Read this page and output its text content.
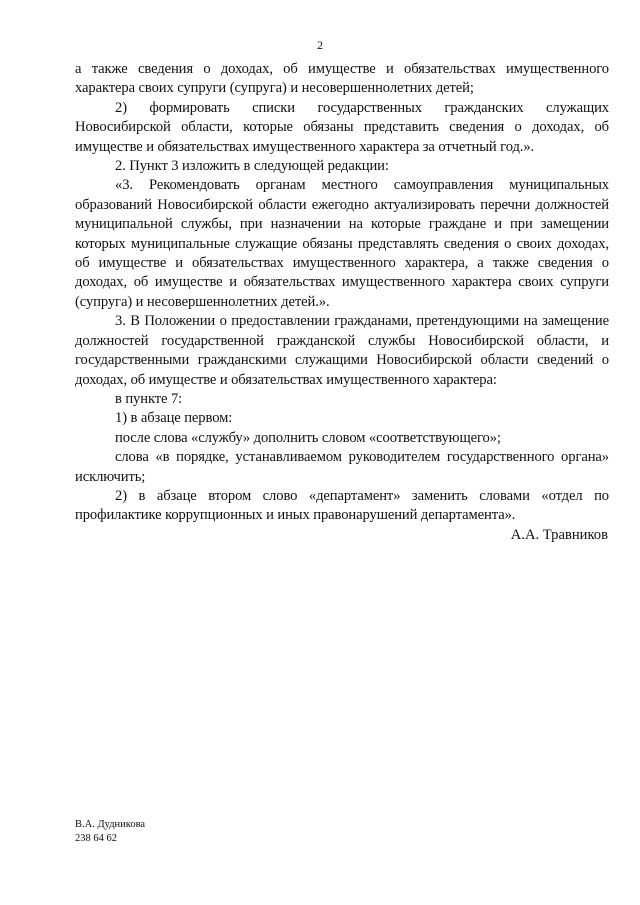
2

а также сведения о доходах, об имуществе и обязательствах имущественного характера своих супруги (супруга) и несовершеннолетних детей;

2) формировать списки государственных гражданских служащих Новосибирской области, которые обязаны представить сведения о доходах, об имуществе и обязательствах имущественного характера за отчетный год.».

2. Пункт 3 изложить в следующей редакции:

«3. Рекомендовать органам местного самоуправления муниципальных образований Новосибирской области ежегодно актуализировать перечни должностей муниципальной службы, при назначении на которые граждане и при замещении которых муниципальные служащие обязаны представлять сведения о своих доходах, об имуществе и обязательствах имущественного характера, а также сведения о доходах, об имуществе и обязательствах имущественного характера своих супруги (супруга) и несовершеннолетних детей.».

3. В Положении о предоставлении гражданами, претендующими на замещение должностей государственной гражданской службы Новосибирской области, и государственными гражданскими служащими Новосибирской области сведений о доходах, об имуществе и обязательствах имущественного характера:

в пункте 7:

1) в абзаце первом:

после слова «службу» дополнить словом «соответствующего»;

слова «в порядке, устанавливаемом руководителем государственного органа» исключить;

2) в абзаце втором слово «департамент» заменить словами «отдел по профилактике коррупционных и иных правонарушений департамента».

А.А. Травников
В.А. Дудникова
238 64 62
